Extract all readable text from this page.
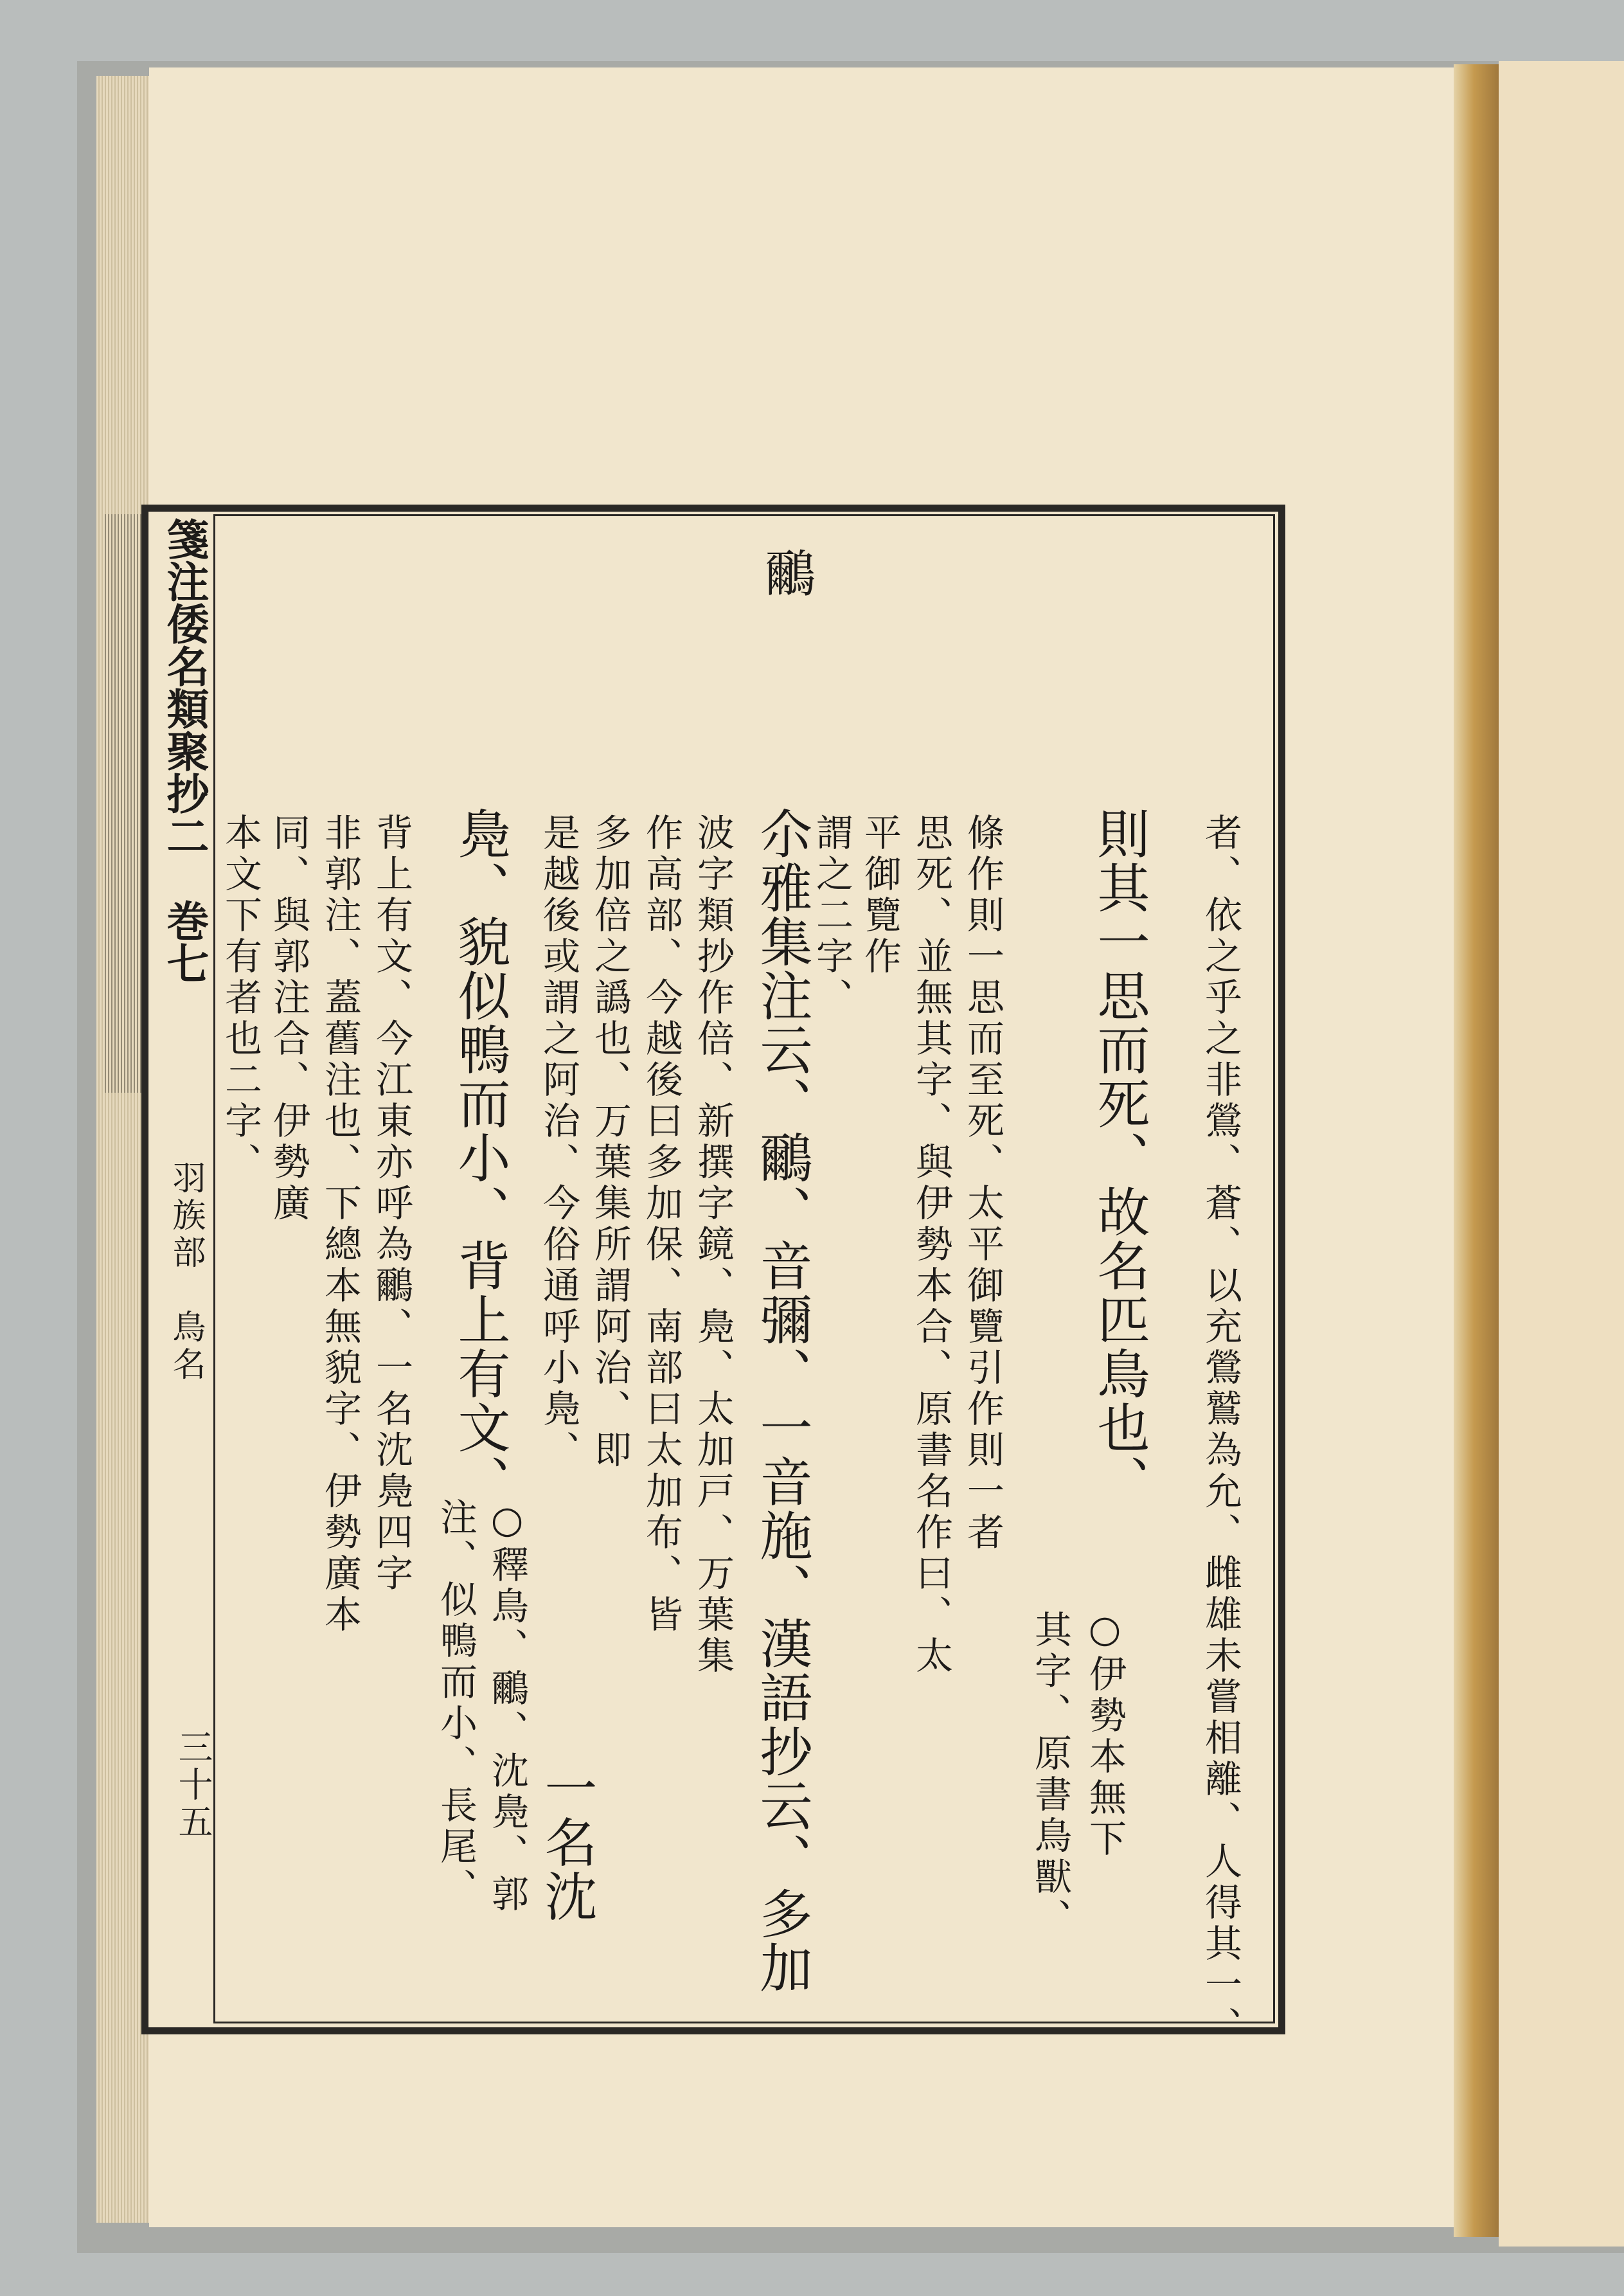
箋注倭名類聚抄二　巻七
羽族部　鳥名
三十五
鸍
者、依之乎之非鶯、蒼、以充鶯鷲為允、雌雄未嘗相離、人得其一、
則其一思而死、故名匹鳥也、
○伊勢本無下
其字、原書鳥獸、
條作則一思而至死、太平御覽引作則一者
思死、並無其字、與伊勢本合、原書名作曰、太
平御覽作
謂之二字、
尒雅集注云、鸍、音彌、一音施、漢語抄云、多加
波字類抄作倍、新撰字鏡、鳧、太加戸、万葉集
作高部、今越後曰多加保、南部曰太加布、皆
多加倍之譌也、万葉集所謂阿治、即
是越後或謂之阿治、今俗通呼小鳧、
一名沈
鳧、貌似鴨而小、背上有文、
○釋鳥、鸍、沈鳧、郭
注、似鴨而小、長尾、
背上有文、今江東亦呼為鸍、一名沈鳧四字
非郭注、蓋舊注也、下總本無貌字、伊勢廣本
同、與郭注合、伊勢廣
本文下有者也二字、
